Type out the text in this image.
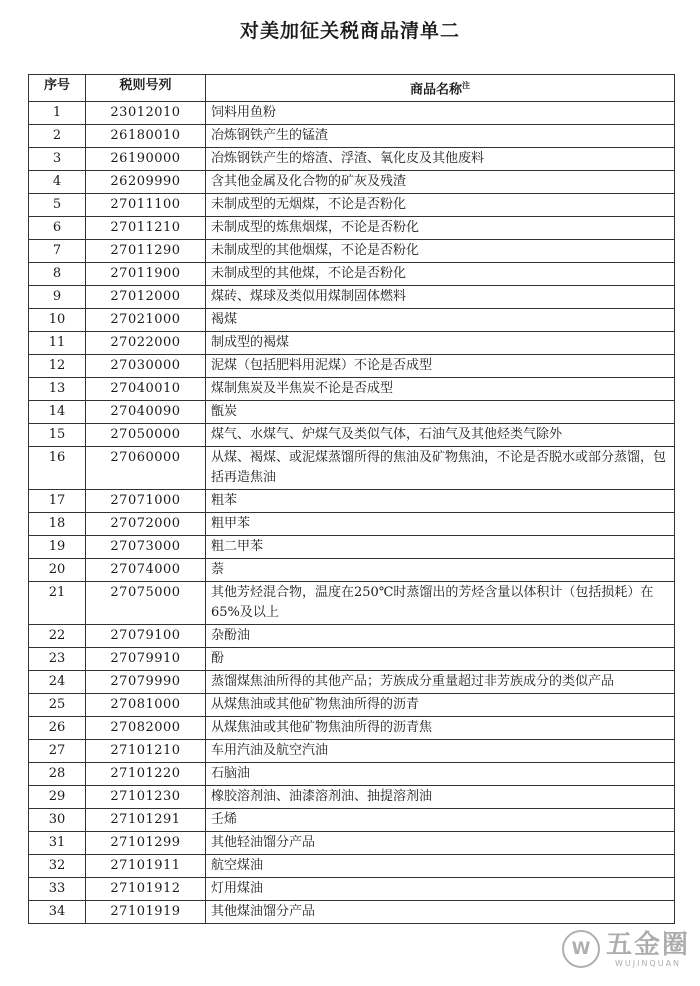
对美加征关税商品清单二
序号	税则号列	商品名称$^注$
1	23012010	饲料用鱼粉
2	26180010	冶炼钢铁产生的锰渣
3	26190000	冶炼钢铁产生的熔渣、浮渣、氧化皮及其他废料
4	26209990	含其他金属及化合物的矿灰及残渣
5	27011100	未制成型的无烟煤，不论是否粉化
6	27011210	未制成型的炼焦烟煤，不论是否粉化
7	27011290	未制成型的其他烟煤，不论是否粉化
8	27011900	未制成型的其他煤，不论是否粉化
9	27012000	煤砖、煤球及类似用煤制固体燃料
10	27021000	褐煤
11	27022000	制成型的褐煤
12	27030000	泥煤（包括肥料用泥煤）不论是否成型
13	27040010	煤制焦炭及半焦炭不论是否成型
14	27040090	甑炭
15	27050000	煤气、水煤气、炉煤气及类似气体，石油气及其他烃类气除外
16	27060000	从煤、褐煤、或泥煤蒸馏所得的焦油及矿物焦油，不论是否脱水或部分蒸馏，包括再造焦油
17	27071000	粗苯
18	27072000	粗甲苯
19	27073000	粗二甲苯
20	27074000	萘
21	27075000	其他芳烃混合物，温度在250℃时蒸馏出的芳烃含量以体积计（包括损耗）在65%及以上
22	27079100	杂酚油
23	27079910	酚
24	27079990	蒸馏煤焦油所得的其他产品；芳族成分重量超过非芳族成分的类似产品
25	27081000	从煤焦油或其他矿物焦油所得的沥青
26	27082000	从煤焦油或其他矿物焦油所得的沥青焦
27	27101210	车用汽油及航空汽油
28	27101220	石脑油
29	27101230	橡胶溶剂油、油漆溶剂油、抽提溶剂油
30	27101291	壬烯
31	27101299	其他轻油馏分产品
32	27101911	航空煤油
33	27101912	灯用煤油
34	27101919	其他煤油馏分产品
W 五金圈
WUJINQUAN
